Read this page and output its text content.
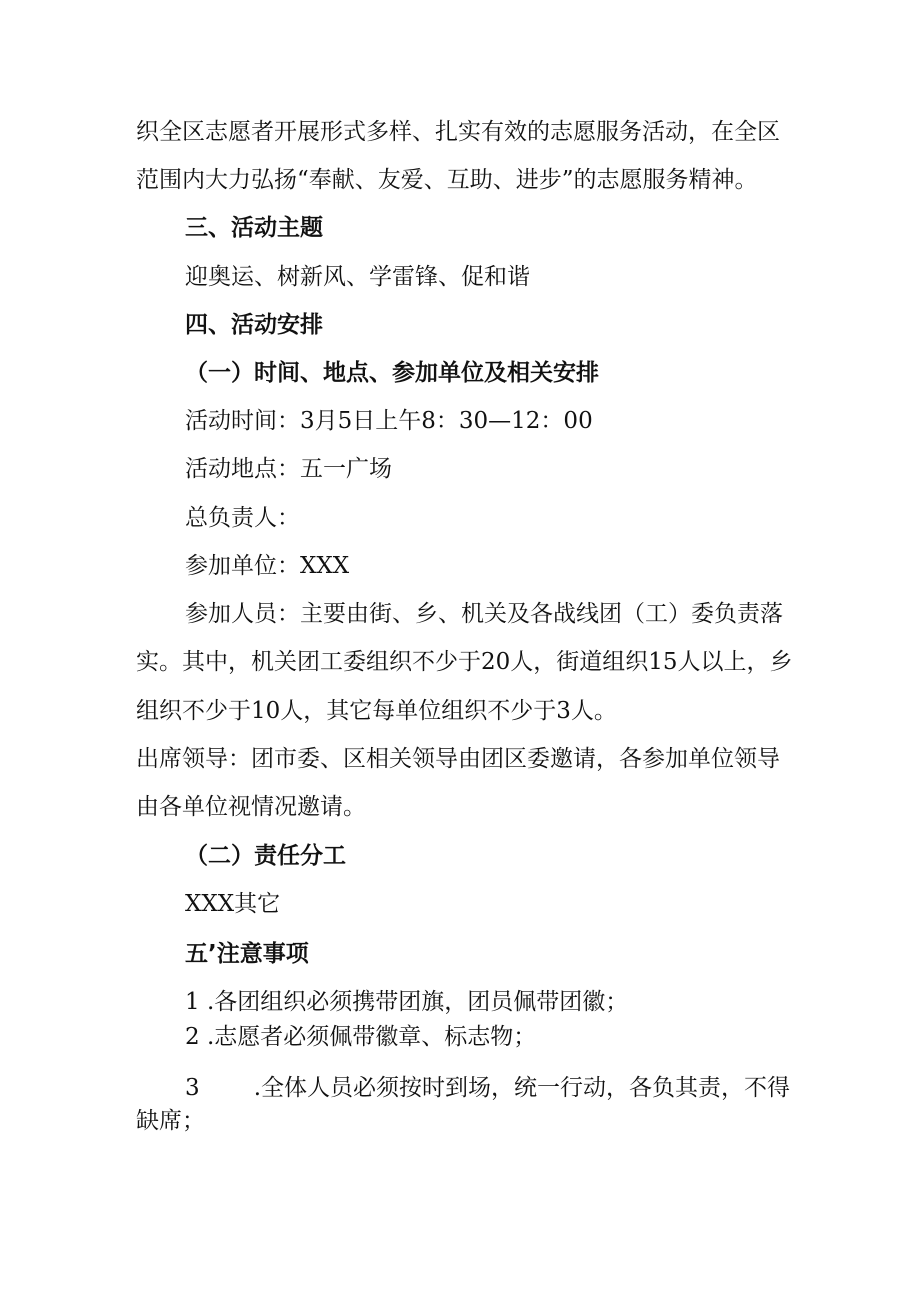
织全区志愿者开展形式多样、扎实有效的志愿服务活动，在全区
范围内大力弘扬“奉献、友爱、互助、进步”的志愿服务精神。
三、活动主题
迎奥运、树新风、学雷锋、促和谐
四、活动安排
（一）时间、地点、参加单位及相关安排
活动时间：3月5日上午8：30—12：00
活动地点：五一广场
总负责人：
参加单位：XXX
参加人员：主要由街、乡、机关及各战线团（工）委负责落
实。其中，机关团工委组织不少于20人，街道组织15人以上，乡
组织不少于10人，其它每单位组织不少于3人。
出席领导：团市委、区相关领导由团区委邀请，各参加单位领导
由各单位视情况邀请。
（二）责任分工
XXX其它
五’注意事项
1 .各团组织必须携带团旗，团员佩带团徽；
2 .志愿者必须佩带徽章、标志物；
3 .全体人员必须按时到场，统一行动，各负其责，不得
缺席；
